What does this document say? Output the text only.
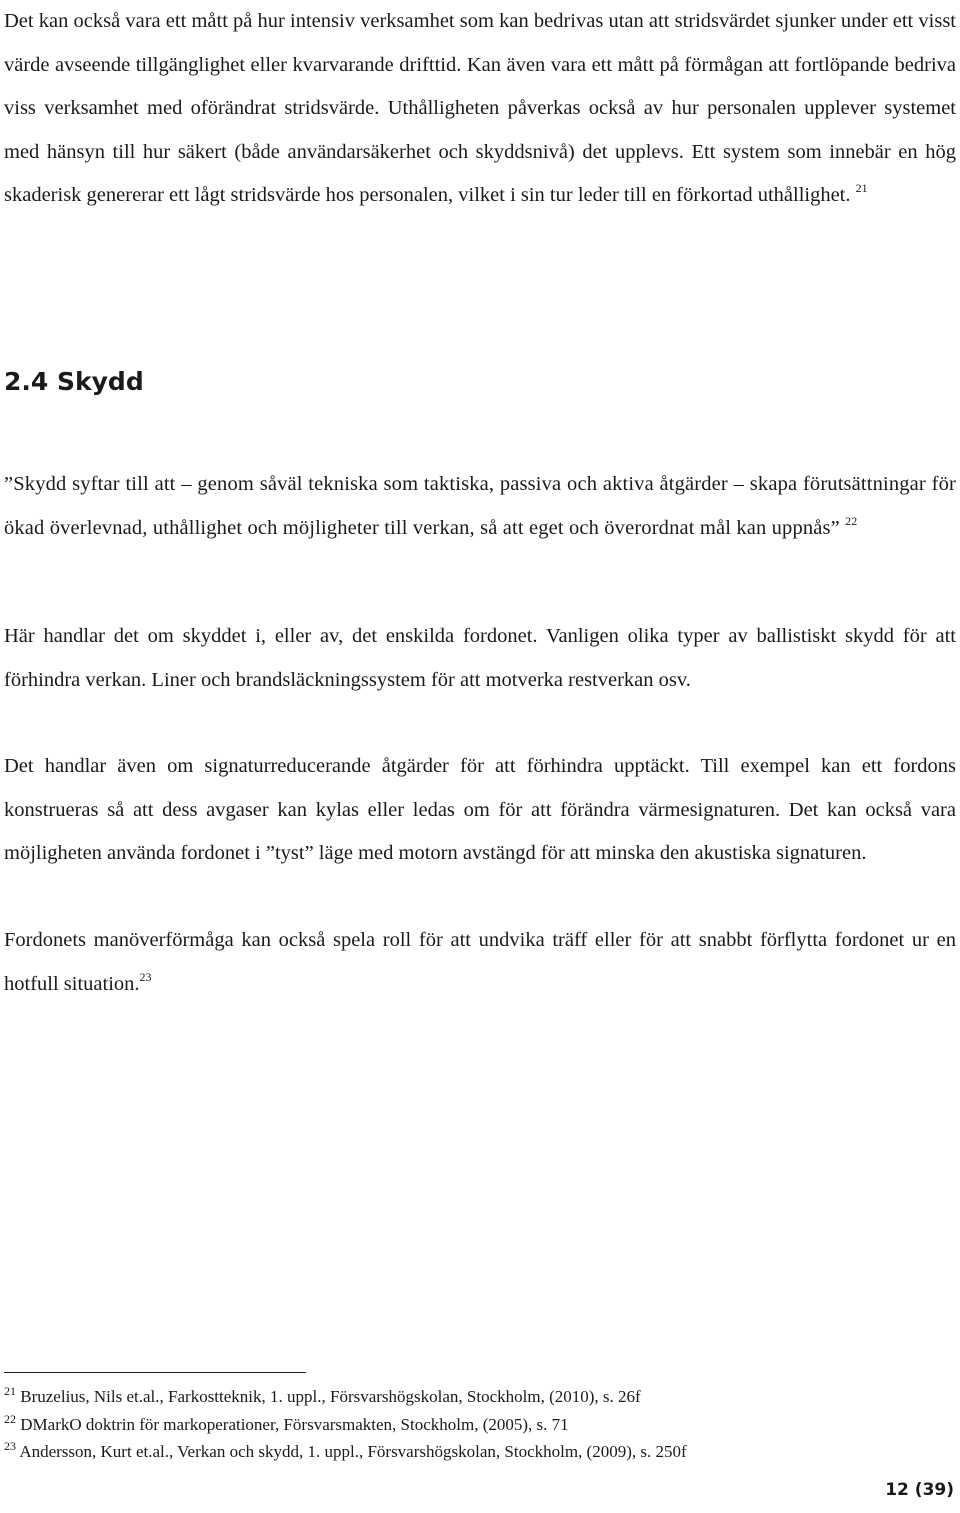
Det kan också vara ett mått på hur intensiv verksamhet som kan bedrivas utan att stridsvärdet sjunker under ett visst värde avseende tillgänglighet eller kvarvarande drifttid. Kan även vara ett mått på förmågan att fortlöpande bedriva viss verksamhet med oförändrat stridsvärde. Uthålligheten påverkas också av hur personalen upplever systemet med hänsyn till hur säkert (både användarsäkerhet och skyddsnivå) det upplevs. Ett system som innebär en hög skaderisk genererar ett lågt stridsvärde hos personalen, vilket i sin tur leder till en förkortad uthållighet. $^{21}$

2.4 Skydd

”Skydd syftar till att – genom såväl tekniska som taktiska, passiva och aktiva åtgärder – skapa förutsättningar för ökad överlevnad, uthållighet och möjligheter till verkan, så att eget och överordnat mål kan uppnås” $^{22}$

Här handlar det om skyddet i, eller av, det enskilda fordonet. Vanligen olika typer av ballistiskt skydd för att förhindra verkan. Liner och brandsläckningssystem för att motverka restverkan osv.

Det handlar även om signaturreducerande åtgärder för att förhindra upptäckt. Till exempel kan ett fordons konstrueras så att dess avgaser kan kylas eller ledas om för att förändra värmesignaturen. Det kan också vara möjligheten använda fordonet i ”tyst” läge med motorn avstängd för att minska den akustiska signaturen.

Fordonets manöverförmåga kan också spela roll för att undvika träff eller för att snabbt förflytta fordonet ur en hotfull situation.$^{23}$

$^{21}$ Bruzelius, Nils et.al., Farkostteknik, 1. uppl., Försvarshögskolan, Stockholm, (2010), s. 26f
$^{22}$ DMarkO doktrin för markoperationer, Försvarsmakten, Stockholm, (2005), s. 71
$^{23}$ Andersson, Kurt et.al., Verkan och skydd, 1. uppl., Försvarshögskolan, Stockholm, (2009), s. 250f
12 (39)
